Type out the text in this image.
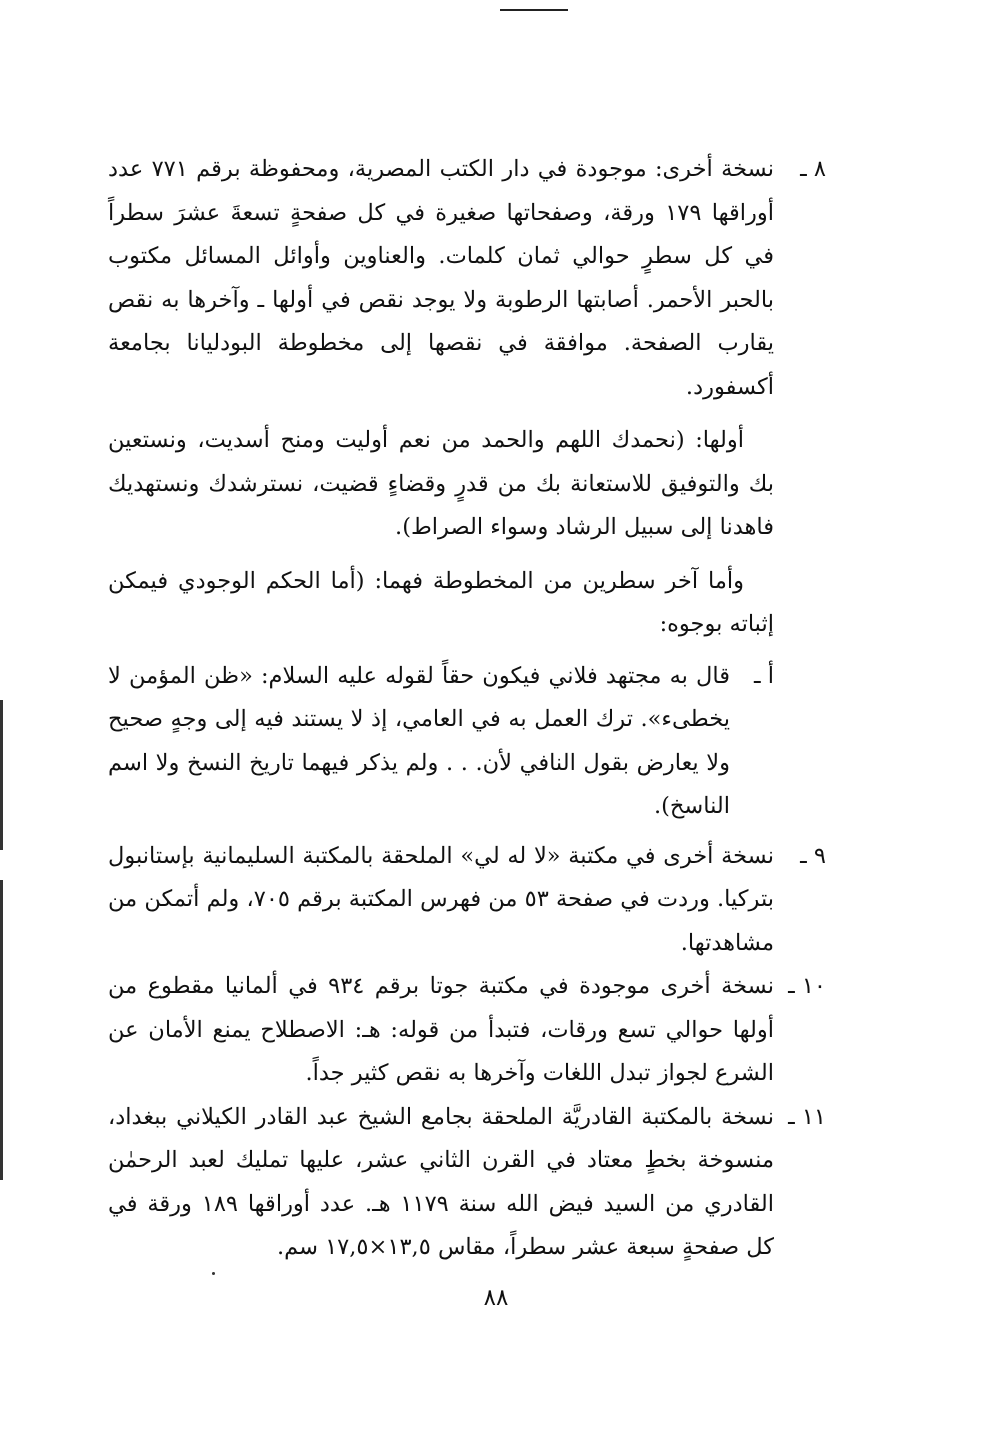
٨ ـ
نسخة أخرى: موجودة في دار الكتب المصرية، ومحفوظة برقم ٧٧١ عدد أوراقها ١٧٩ ورقة، وصفحاتها صغيرة في كل صفحةٍ تسعةَ عشرَ سطراً في كل سطرٍ حوالي ثمان كلمات. والعناوين وأوائل المسائل مكتوب بالحبر الأحمر. أصابتها الرطوبة ولا يوجد نقص في أولها ـ وآخرها به نقص يقارب الصفحة. موافقة في نقصها إلى مخطوطة البودليانا بجامعة أكسفورد.

أولها: (نحمدك اللهم والحمد من نعم أوليت ومنح أسديت، ونستعين بك والتوفيق للاستعانة بك من قدرٍ وقضاءٍ قضيت، نسترشدك ونستهديك فاهدنا إلى سبيل الرشاد وسواء الصراط).

وأما آخر سطرين من المخطوطة فهما: (أما الحكم الوجودي فيمكن إثباته بوجوه:

أ ـ
قال به مجتهد فلاني فيكون حقاً لقوله عليه السلام: «ظن المؤمن لا يخطىء». ترك العمل به في العامي، إذ لا يستند فيه إلى وجهٍ صحيح ولا يعارض بقول النافي لأن. . . ولم يذكر فيهما تاريخ النسخ ولا اسم الناسخ).
٩ ـ
نسخة أخرى في مكتبة «لا له لي» الملحقة بالمكتبة السليمانية بإستانبول بتركيا. وردت في صفحة ٥٣ من فهرس المكتبة برقم ٧٠٥، ولم أتمكن من مشاهدتها.
١٠ ـ
نسخة أخرى موجودة في مكتبة جوتا برقم ٩٣٤ في ألمانيا مقطوع من أولها حوالي تسع ورقات، فتبدأ من قوله: هـ: الاصطلاح يمنع الأمان عن الشرع لجواز تبدل اللغات وآخرها به نقص كثير جداً.
١١ ـ
نسخة بالمكتبة القادريَّة الملحقة بجامع الشيخ عبد القادر الكيلاني ببغداد، منسوخة بخطٍ معتاد في القرن الثاني عشر، عليها تمليك لعبد الرحمٰن القادري من السيد فيض الله سنة ١١٧٩ هـ. عدد أوراقها ١٨٩ ورقة في كل صفحةٍ سبعة عشر سطراً، مقاس ١٣,٥×١٧,٥ سم.
٨٨
